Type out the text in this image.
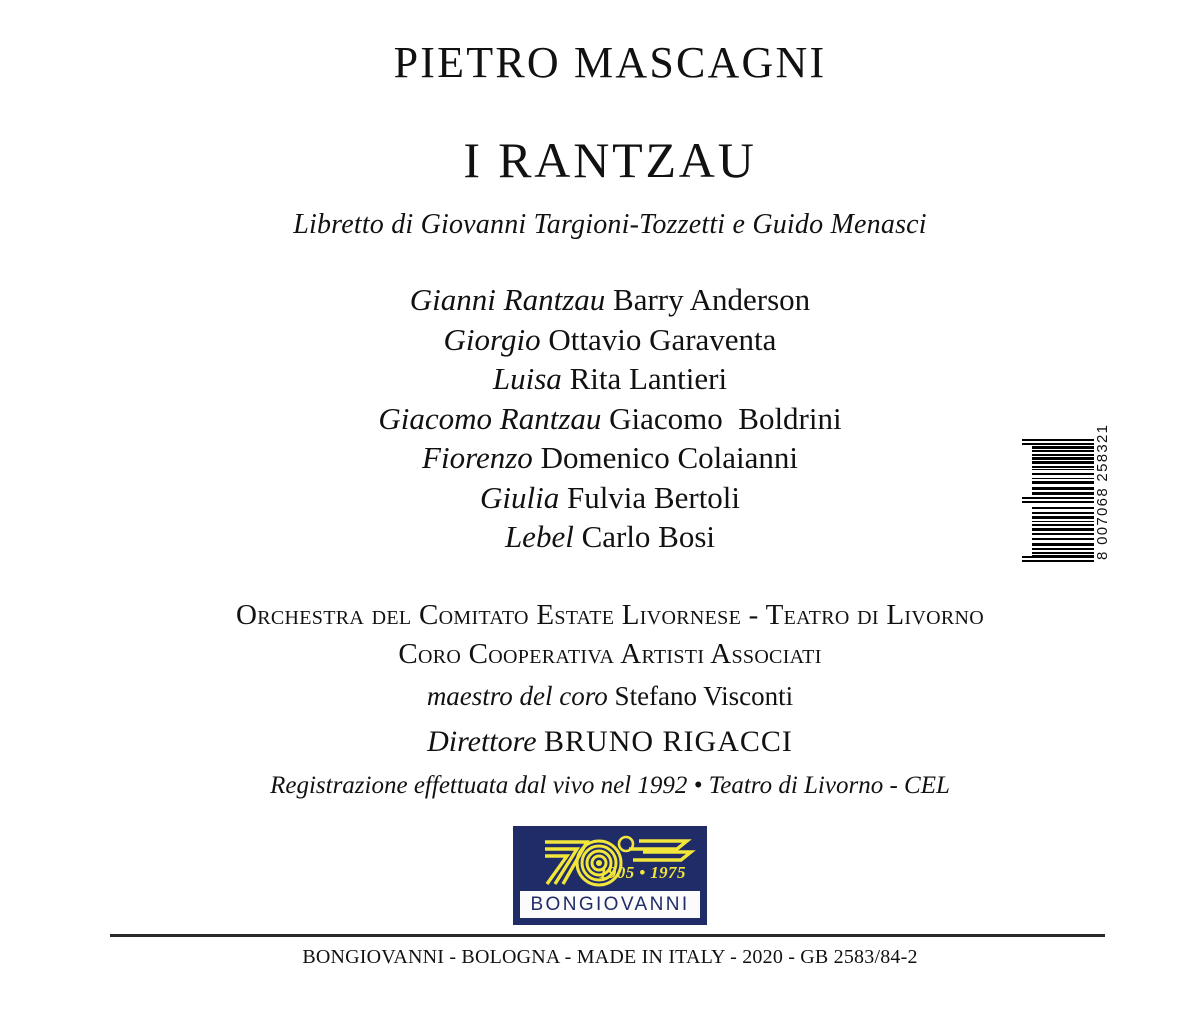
PIETRO MASCAGNI
I RANTZAU
Libretto di Giovanni Targioni-Tozzetti e Guido Menasci
Gianni Rantzau Barry Anderson
Giorgio Ottavio Garaventa
Luisa Rita Lantieri
Giacomo Rantzau Giacomo  Boldrini
Fiorenzo Domenico Colaianni
Giulia Fulvia Bertoli
Lebel Carlo Bosi
Orchestra del Comitato Estate Livornese - Teatro di Livorno
Coro Cooperativa Artisti Associati
maestro del coro Stefano Visconti
Direttore BRUNO RIGACCI
Registrazione effettuata dal vivo nel 1992 • Teatro di Livorno - CEL
8 007068 258321
1905 • 1975
BONGIOVANNI
BONGIOVANNI - BOLOGNA - MADE IN ITALY - 2020 - GB 2583/84-2
